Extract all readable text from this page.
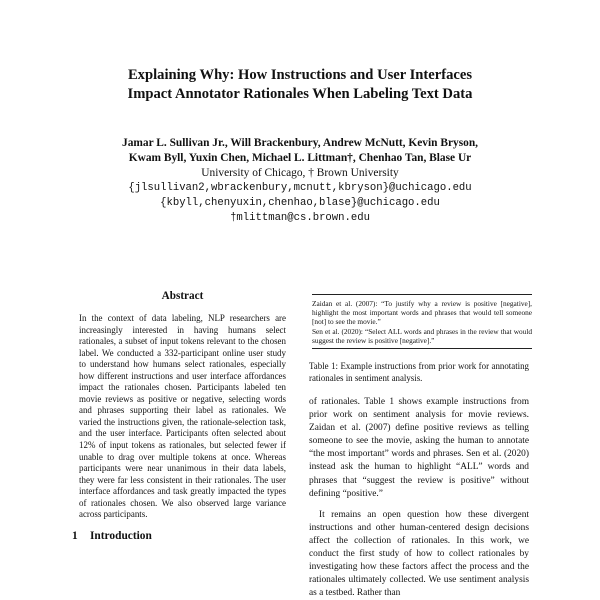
Explaining Why: How Instructions and User Interfaces
Impact Annotator Rationales When Labeling Text Data
Jamar L. Sullivan Jr., Will Brackenbury, Andrew McNutt, Kevin Bryson,
Kwam Byll, Yuxin Chen, Michael L. Littman†, Chenhao Tan, Blase Ur
University of Chicago, † Brown University
{jlsullivan2,wbrackenbury,mcnutt,kbryson}@uchicago.edu
{kbyll,chenyuxin,chenhao,blase}@uchicago.edu
†mlittman@cs.brown.edu
Abstract

In the context of data labeling, NLP researchers are increasingly interested in having humans select rationales, a subset of input tokens relevant to the chosen label. We conducted a 332-participant online user study to understand how humans select rationales, especially how different instructions and user interface affordances impact the rationales chosen. Participants labeled ten movie reviews as positive or negative, selecting words and phrases supporting their label as rationales. We varied the instructions given, the rationale-selection task, and the user interface. Participants often selected about 12% of input tokens as rationales, but selected fewer if unable to drag over multiple tokens at once. Whereas participants were near unanimous in their data labels, they were far less consistent in their rationales. The user interface affordances and task greatly impacted the types of rationales chosen. We also observed large variance across participants.

1 Introduction

Zaidan et al. (2007): “To justify why a review is positive [negative], highlight the most important words and phrases that would tell someone [not] to see the movie.”

Sen et al. (2020): “Select ALL words and phrases in the review that would suggest the review is positive [negative].”

Table 1: Example instructions from prior work for annotating rationales in sentiment analysis.

of rationales. Table 1 shows example instructions from prior work on sentiment analysis for movie reviews. Zaidan et al. (2007) define positive reviews as telling someone to see the movie, asking the human to annotate “the most important” words and phrases. Sen et al. (2020) instead ask the human to highlight “ALL” words and phrases that “suggest the review is positive” without defining “positive.”

It remains an open question how these divergent instructions and other human-centered design decisions affect the collection of rationales. In this work, we conduct the first study of how to collect rationales by investigating how these factors affect the process and the rationales ultimately collected. We use sentiment analysis as a testbed. Rather than
